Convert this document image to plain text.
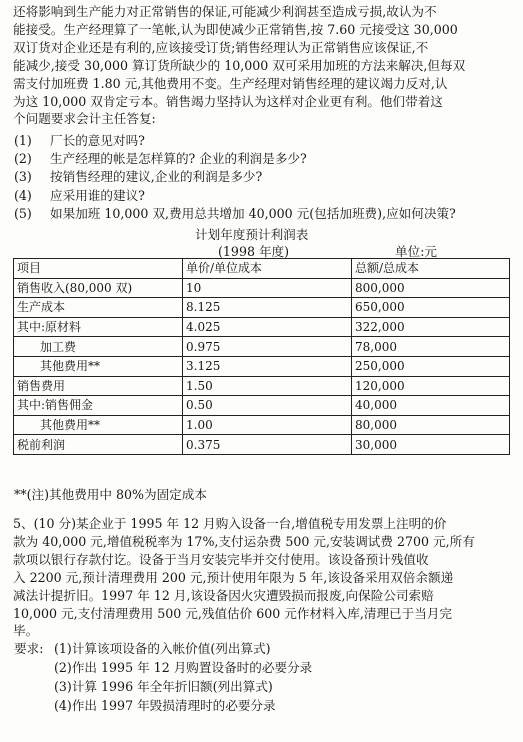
还将影响到生产能力对正常销售的保证,可能减少利润甚至造成亏损,故认为不
能接受。生产经理算了一笔帐,认为即使减少正常销售,按 7.60 元接受这 30,000
双订货对企业还是有利的,应该接受订货;销售经理认为正常销售应该保证,不
能减少,接受 30,000 算订货所缺少的 10,000 双可采用加班的方法来解决,但每双
需支付加班费 1.80 元,其他费用不变。生产经理对销售经理的建议竭力反对,认
为这 10,000 双肯定亏本。销售竭力坚持认为这样对企业更有利。他们带着这
个问题要求会计主任答复:
(1) 厂长的意见对吗?
(2) 生产经理的帐是怎样算的? 企业的利润是多少?
(3) 按销售经理的建议,企业的利润是多少?
(4) 应采用谁的建议?
(5) 如果加班 10,000 双,费用总共增加 40,000 元(包括加班费),应如何决策?
计划年度预计利润表
(1998 年度)	单位:元
项目	单价/单位成本	总额/总成本
销售收入(80,000 双)	10	800,000
生产成本	8.125	650,000
其中:原材料	4.025	322,000
加工费	0.975	78,000
其他费用**	3.125	250,000
销售费用	1.50	120,000
其中:销售佣金	0.50	40,000
其他费用**	1.00	80,000
税前利润	0.375	30,000
**(注)其他费用中 80%为固定成本
5、(10 分)某企业于 1995 年 12 月购入设备一台,增值税专用发票上注明的价
款为 40,000 元,增值税税率为 17%,支付运杂费 500 元,安装调试费 2700 元,所有
款项以银行存款付讫。设备于当月安装完毕并交付使用。该设备预计残值收
入 2200 元,预计清理费用 200 元,预计使用年限为 5 年,该设备采用双倍余额递
减法计提折旧。1997 年 12 月,该设备因火灾遭毁损而报废,向保险公司索赔
10,000 元,支付清理费用 500 元,残值估价 600 元作材料入库,清理已于当月完
毕。
要求: (1)计算该项设备的入帐价值(列出算式)
(2)作出 1995 年 12 月购置设备时的必要分录
(3)计算 1996 年全年折旧额(列出算式)
(4)作出 1997 年毁损清理时的必要分录
